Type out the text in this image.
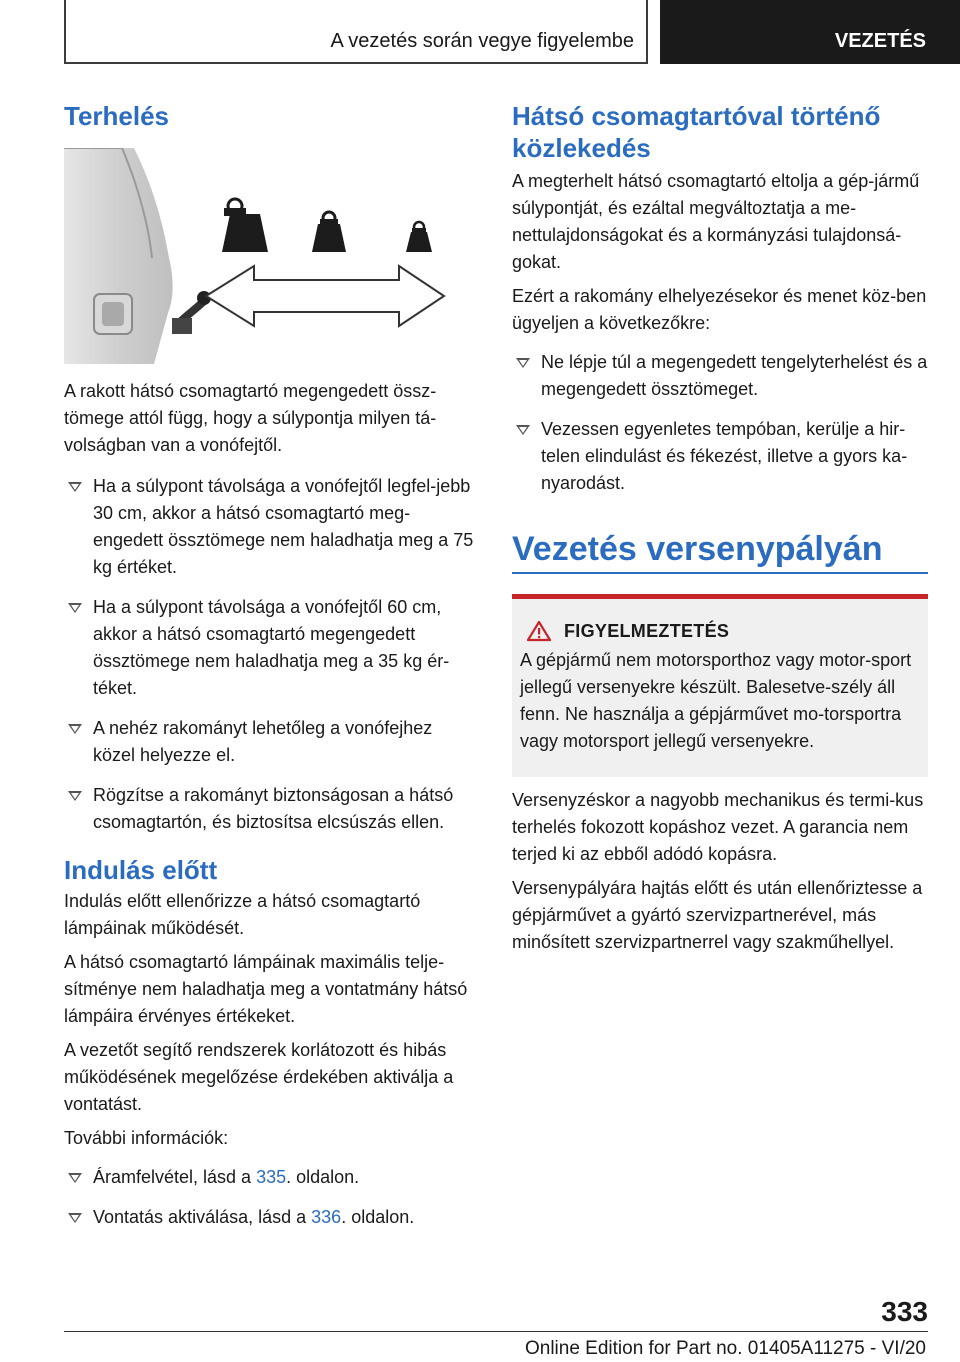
A vezetés során vegye figyelembe	VEZETÉS
Terhelés

A rakott hátsó csomagtartó megengedett össz-tömege attól függ, hogy a súlypontja milyen tá-volságban van a vonófejtől.

Ha a súlypont távolsága a vonófejtől legfel-jebb 30 cm, akkor a hátsó csomagtartó meg-engedett össztömege nem haladhatja meg a 75 kg értéket.
Ha a súlypont távolsága a vonófejtől 60 cm, akkor a hátsó csomagtartó megengedett össztömege nem haladhatja meg a 35 kg ér-téket.
A nehéz rakományt lehetőleg a vonófejhez közel helyezze el.
Rögzítse a rakományt biztonságosan a hátsó csomagtartón, és biztosítsa elcsúszás ellen.
Indulás előtt

Indulás előtt ellenőrizze a hátsó csomagtartó lámpáinak működését.

A hátsó csomagtartó lámpáinak maximális telje-sítménye nem haladhatja meg a vontatmány hátsó lámpáira érvényes értékeket.

A vezetőt segítő rendszerek korlátozott és hibás működésének megelőzése érdekében aktiválja a vontatást.

További információk:

Áramfelvétel, lásd a 335. oldalon.
Vontatás aktiválása, lásd a 336. oldalon.
Hátsó csomagtartóval történő közlekedés

A megterhelt hátsó csomagtartó eltolja a gép-jármű súlypontját, és ezáltal megváltoztatja a me-nettulajdonságokat és a kormányzási tulajdonsá-gokat.

Ezért a rakomány elhelyezésekor és menet köz-ben ügyeljen a következőkre:

Ne lépje túl a megengedett tengelyterhelést és a megengedett össztömeget.
Vezessen egyenletes tempóban, kerülje a hir-telen elindulást és fékezést, illetve a gyors ka-nyarodást.
Vezetés versenypályán
FIGYELMEZTETÉS

A gépjármű nem motorsporthoz vagy motor-sport jellegű versenyekre készült. Balesetve-szély áll fenn. Ne használja a gépjárművet mo-torsportra vagy motorsport jellegű versenyekre.

Versenyzéskor a nagyobb mechanikus és termi-kus terhelés fokozott kopáshoz vezet. A garancia nem terjed ki az ebből adódó kopásra.

Versenypályára hajtás előtt és után ellenőriztesse a gépjárművet a gyártó szervizpartnerével, más minősített szervizpartnerrel vagy szakműhellyel.

333
Online Edition for Part no. 01405A11275 - VI/20
